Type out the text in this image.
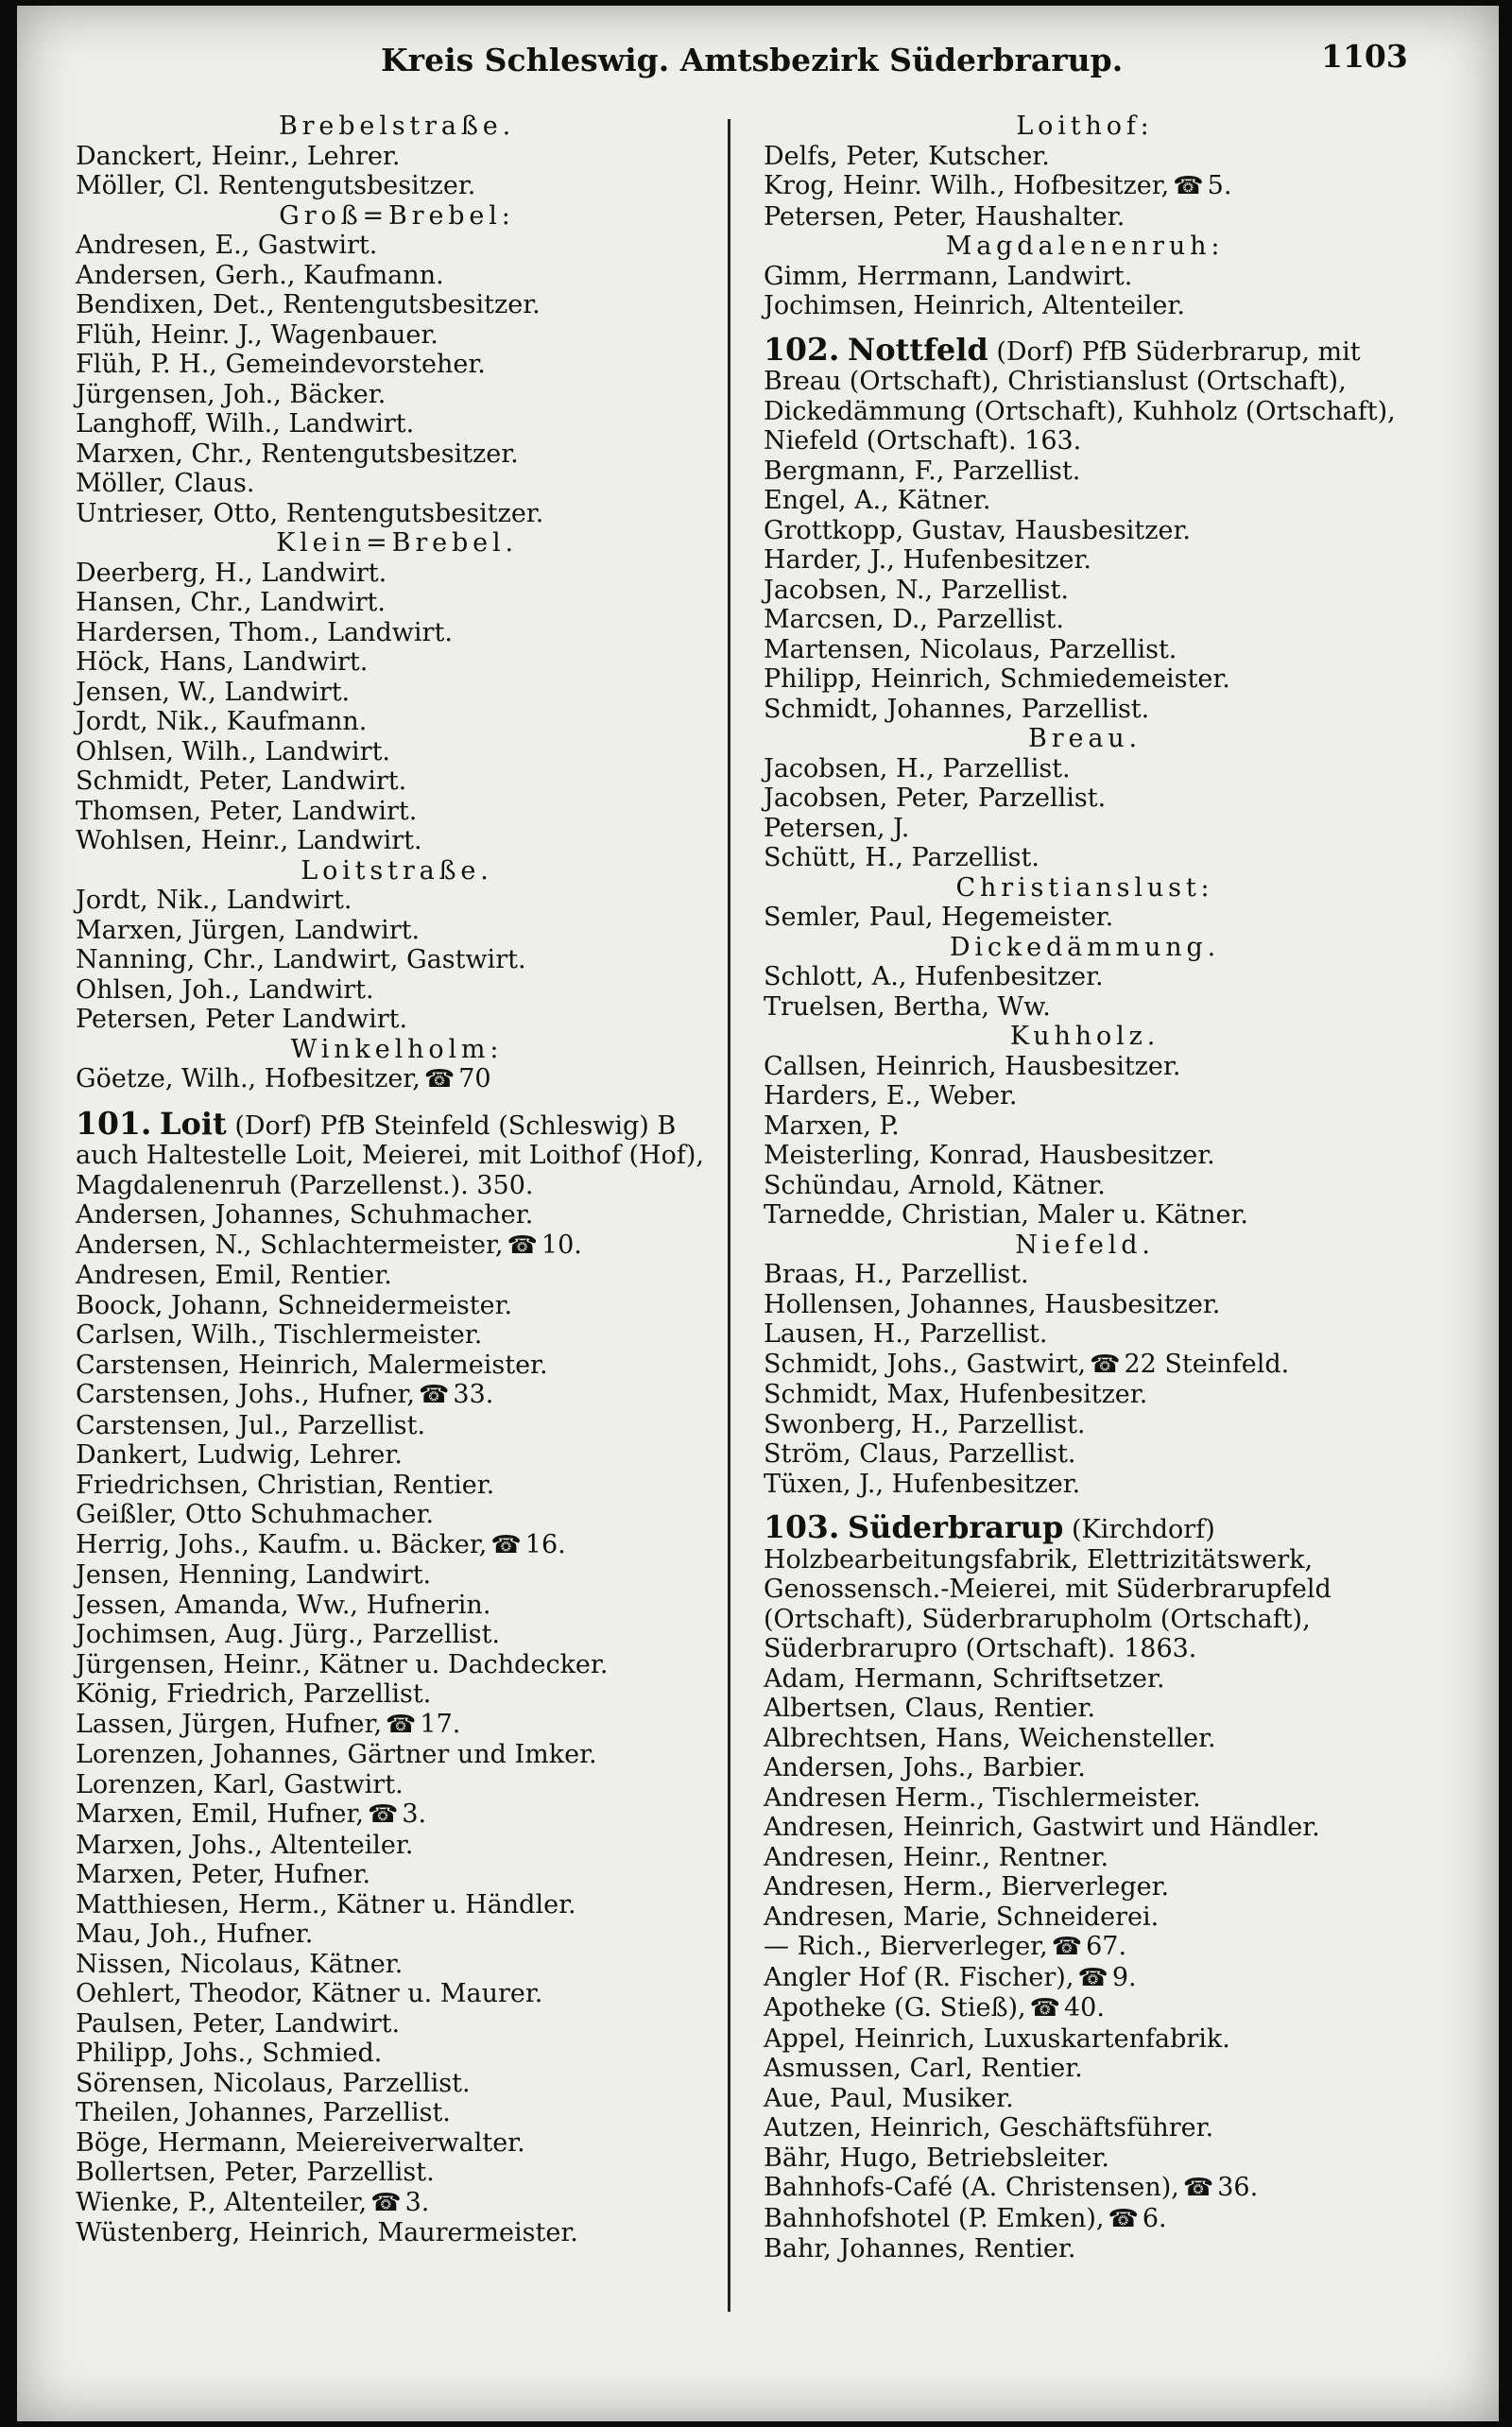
Kreis Schleswig. Amtsbezirk Süderbrarup.	1103
Brebelstraße.
Danckert, Heinr., Lehrer.
Möller, Cl. Rentengutsbesitzer.
Groß=Brebel:
Andresen, E., Gastwirt.
Andersen, Gerh., Kaufmann.
Bendixen, Det., Rentengutsbesitzer.
Flüh, Heinr. J., Wagenbauer.
Flüh, P. H., Gemeindevorsteher.
Jürgensen, Joh., Bäcker.
Langhoff, Wilh., Landwirt.
Marxen, Chr., Rentengutsbesitzer.
Möller, Claus.
Untrieser, Otto, Rentengutsbesitzer.
Klein=Brebel.
Deerberg, H., Landwirt.
Hansen, Chr., Landwirt.
Hardersen, Thom., Landwirt.
Höck, Hans, Landwirt.
Jensen, W., Landwirt.
Jordt, Nik., Kaufmann.
Ohlsen, Wilh., Landwirt.
Schmidt, Peter, Landwirt.
Thomsen, Peter, Landwirt.
Wohlsen, Heinr., Landwirt.
Loitstraße.
Jordt, Nik., Landwirt.
Marxen, Jürgen, Landwirt.
Nanning, Chr., Landwirt, Gastwirt.
Ohlsen, Joh., Landwirt.
Petersen, Peter Landwirt.
Winkelholm:
Göetze, Wilh., Hofbesitzer, ☎ 70
101. Loit (Dorf) PfB Steinfeld (Schleswig) B auch Haltestelle Loit, Meierei, mit Loithof (Hof), Magdalenenruh (Parzellenst.). 350.
Andersen, Johannes, Schuhmacher.
Andersen, N., Schlachtermeister, ☎ 10.
Andresen, Emil, Rentier.
Boock, Johann, Schneidermeister.
Carlsen, Wilh., Tischlermeister.
Carstensen, Heinrich, Malermeister.
Carstensen, Johs., Hufner, ☎ 33.
Carstensen, Jul., Parzellist.
Dankert, Ludwig, Lehrer.
Friedrichsen, Christian, Rentier.
Geißler, Otto Schuhmacher.
Herrig, Johs., Kaufm. u. Bäcker, ☎ 16.
Jensen, Henning, Landwirt.
Jessen, Amanda, Ww., Hufnerin.
Jochimsen, Aug. Jürg., Parzellist.
Jürgensen, Heinr., Kätner u. Dachdecker.
König, Friedrich, Parzellist.
Lassen, Jürgen, Hufner, ☎ 17.
Lorenzen, Johannes, Gärtner und Imker.
Lorenzen, Karl, Gastwirt.
Marxen, Emil, Hufner, ☎ 3.
Marxen, Johs., Altenteiler.
Marxen, Peter, Hufner.
Matthiesen, Herm., Kätner u. Händler.
Mau, Joh., Hufner.
Nissen, Nicolaus, Kätner.
Oehlert, Theodor, Kätner u. Maurer.
Paulsen, Peter, Landwirt.
Philipp, Johs., Schmied.
Sörensen, Nicolaus, Parzellist.
Theilen, Johannes, Parzellist.
Böge, Hermann, Meiereiverwalter.
Bollertsen, Peter, Parzellist.
Wienke, P., Altenteiler, ☎ 3.
Wüstenberg, Heinrich, Maurermeister.
Loithof:
Delfs, Peter, Kutscher.
Krog, Heinr. Wilh., Hofbesitzer, ☎ 5.
Petersen, Peter, Haushalter.
Magdalenenruh:
Gimm, Herrmann, Landwirt.
Jochimsen, Heinrich, Altenteiler.
102. Nottfeld (Dorf) PfB Süderbrarup, mit Breau (Ortschaft), Christianslust (Ortschaft), Dickedämmung (Ortschaft), Kuhholz (Ortschaft), Niefeld (Ortschaft). 163.
Bergmann, F., Parzellist.
Engel, A., Kätner.
Grottkopp, Gustav, Hausbesitzer.
Harder, J., Hufenbesitzer.
Jacobsen, N., Parzellist.
Marcsen, D., Parzellist.
Martensen, Nicolaus, Parzellist.
Philipp, Heinrich, Schmiedemeister.
Schmidt, Johannes, Parzellist.
Breau.
Jacobsen, H., Parzellist.
Jacobsen, Peter, Parzellist.
Petersen, J.
Schütt, H., Parzellist.
Christianslust:
Semler, Paul, Hegemeister.
Dickedämmung.
Schlott, A., Hufenbesitzer.
Truelsen, Bertha, Ww.
Kuhholz.
Callsen, Heinrich, Hausbesitzer.
Harders, E., Weber.
Marxen, P.
Meisterling, Konrad, Hausbesitzer.
Schündau, Arnold, Kätner.
Tarnedde, Christian, Maler u. Kätner.
Niefeld.
Braas, H., Parzellist.
Hollensen, Johannes, Hausbesitzer.
Lausen, H., Parzellist.
Schmidt, Johs., Gastwirt, ☎ 22 Steinfeld.
Schmidt, Max, Hufenbesitzer.
Swonberg, H., Parzellist.
Ström, Claus, Parzellist.
Tüxen, J., Hufenbesitzer.
103. Süderbrarup (Kirchdorf) Holzbearbeitungsfabrik, Elettrizitätswerk, Genossensch.-Meierei, mit Süderbrarupfeld (Ortschaft), Süderbrarupholm (Ortschaft), Süderbrarupro (Ortschaft). 1863.
Adam, Hermann, Schriftsetzer.
Albertsen, Claus, Rentier.
Albrechtsen, Hans, Weichensteller.
Andersen, Johs., Barbier.
Andresen Herm., Tischlermeister.
Andresen, Heinrich, Gastwirt und Händler.
Andresen, Heinr., Rentner.
Andresen, Herm., Bierverleger.
Andresen, Marie, Schneiderei.
— Rich., Bierverleger, ☎ 67.
Angler Hof (R. Fischer), ☎ 9.
Apotheke (G. Stieß), ☎ 40.
Appel, Heinrich, Luxuskartenfabrik.
Asmussen, Carl, Rentier.
Aue, Paul, Musiker.
Autzen, Heinrich, Geschäftsführer.
Bähr, Hugo, Betriebsleiter.
Bahnhofs-Café (A. Christensen), ☎ 36.
Bahnhofshotel (P. Emken), ☎ 6.
Bahr, Johannes, Rentier.
